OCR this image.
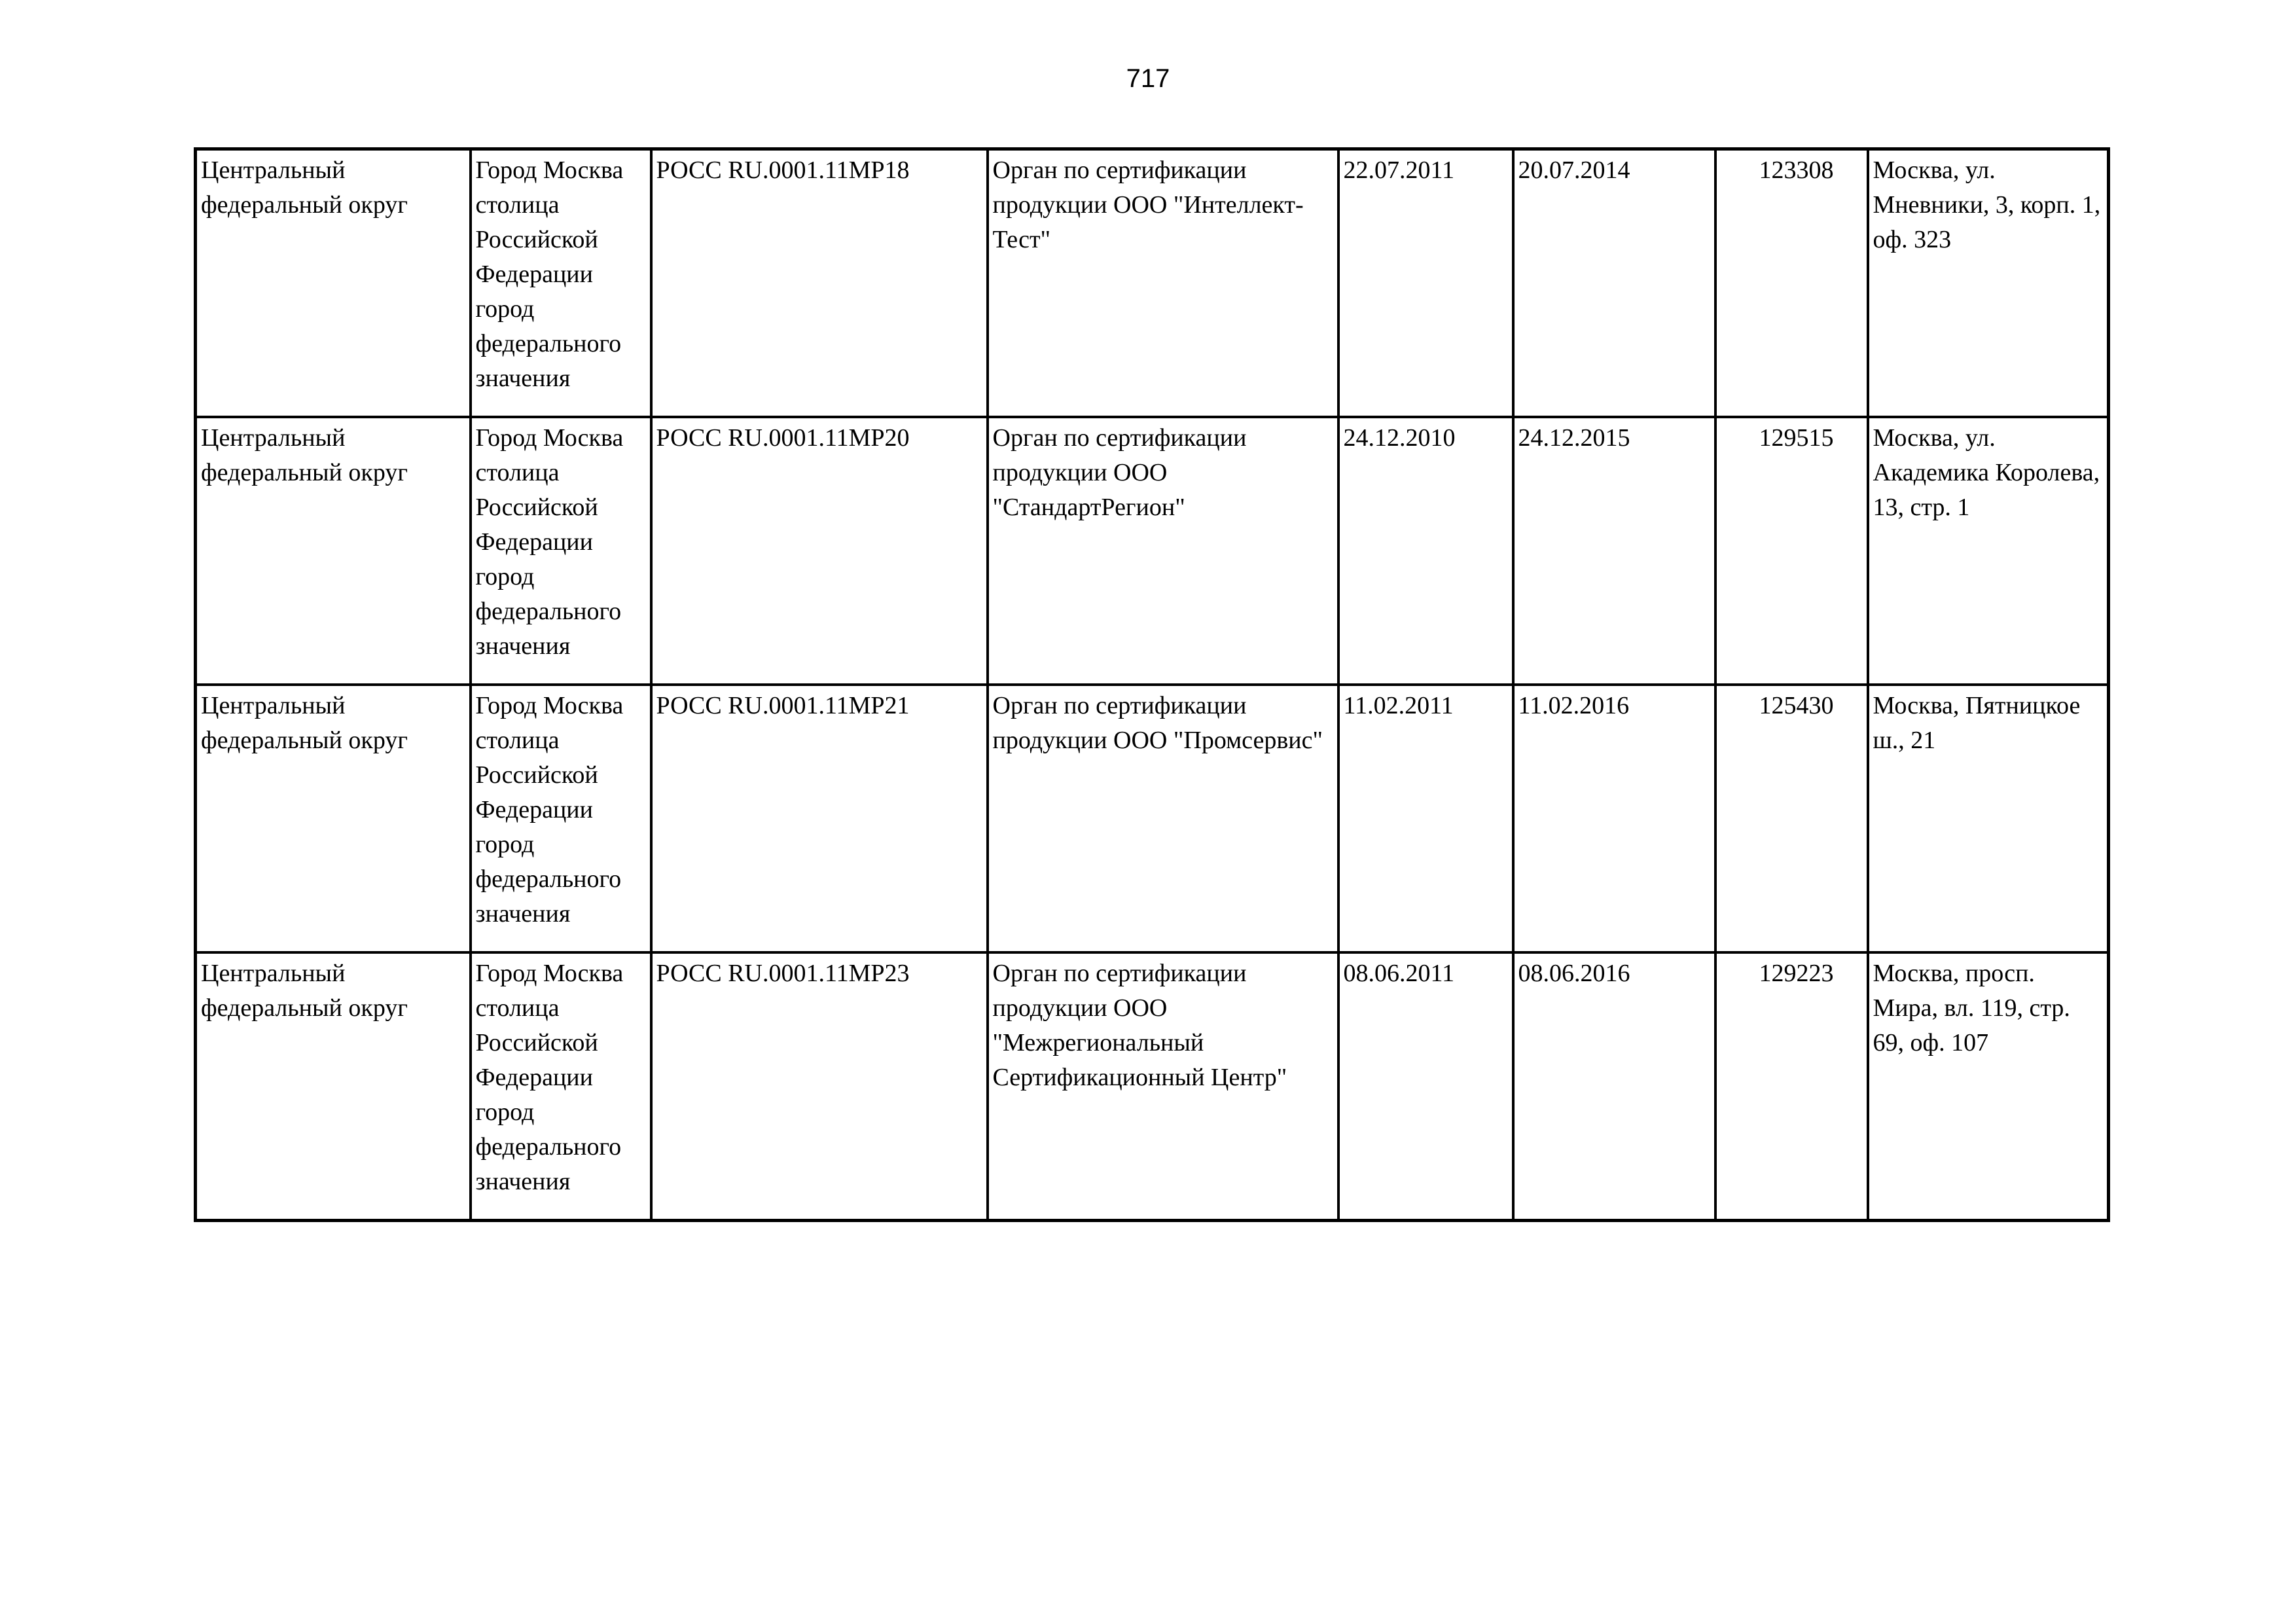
717
Центральный федеральный округ	Город Москва столица Российской Федерации город федерального значения	РОСС RU.0001.11МР18	Орган по сертификации продукции ООО "Интеллект-Тест"	22.07.2011	20.07.2014	123308	Москва, ул. Мневники, 3, корп. 1, оф. 323

Центральный федеральный округ	Город Москва столица Российской Федерации город федерального значения	РОСС RU.0001.11МР20	Орган по сертификации продукции ООО "СтандартРегион"	24.12.2010	24.12.2015	129515	Москва, ул. Академика Королева, 13, стр. 1

Центральный федеральный округ	Город Москва столица Российской Федерации город федерального значения	РОСС RU.0001.11МР21	Орган по сертификации продукции ООО "Промсервис"	11.02.2011	11.02.2016	125430	Москва, Пятницкое ш., 21

Центральный федеральный округ	Город Москва столица Российской Федерации город федерального значения	РОСС RU.0001.11МР23	Орган по сертификации продукции ООО "Межрегиональный Сертификационный Центр"	08.06.2011	08.06.2016	129223	Москва, просп. Мира, вл. 119, стр. 69, оф. 107
